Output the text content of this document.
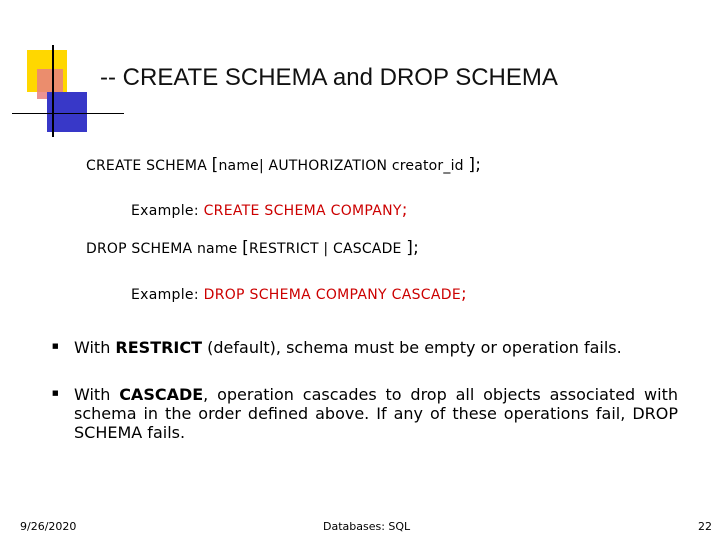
-- CREATE SCHEMA and DROP SCHEMA
CREATE SCHEMA [name| AUTHORIZATION creator_id ];
Example: CREATE SCHEMA COMPANY;
DROP SCHEMA name [RESTRICT | CASCADE ];
Example: DROP SCHEMA COMPANY CASCADE;
■ With RESTRICT (default), schema must be empty or operation fails.
■ With CASCADE, operation cascades to drop all objects associated with schema in the order defined above. If any of these operations fail, DROP SCHEMA fails.
9/26/2020	Databases: SQL	22
